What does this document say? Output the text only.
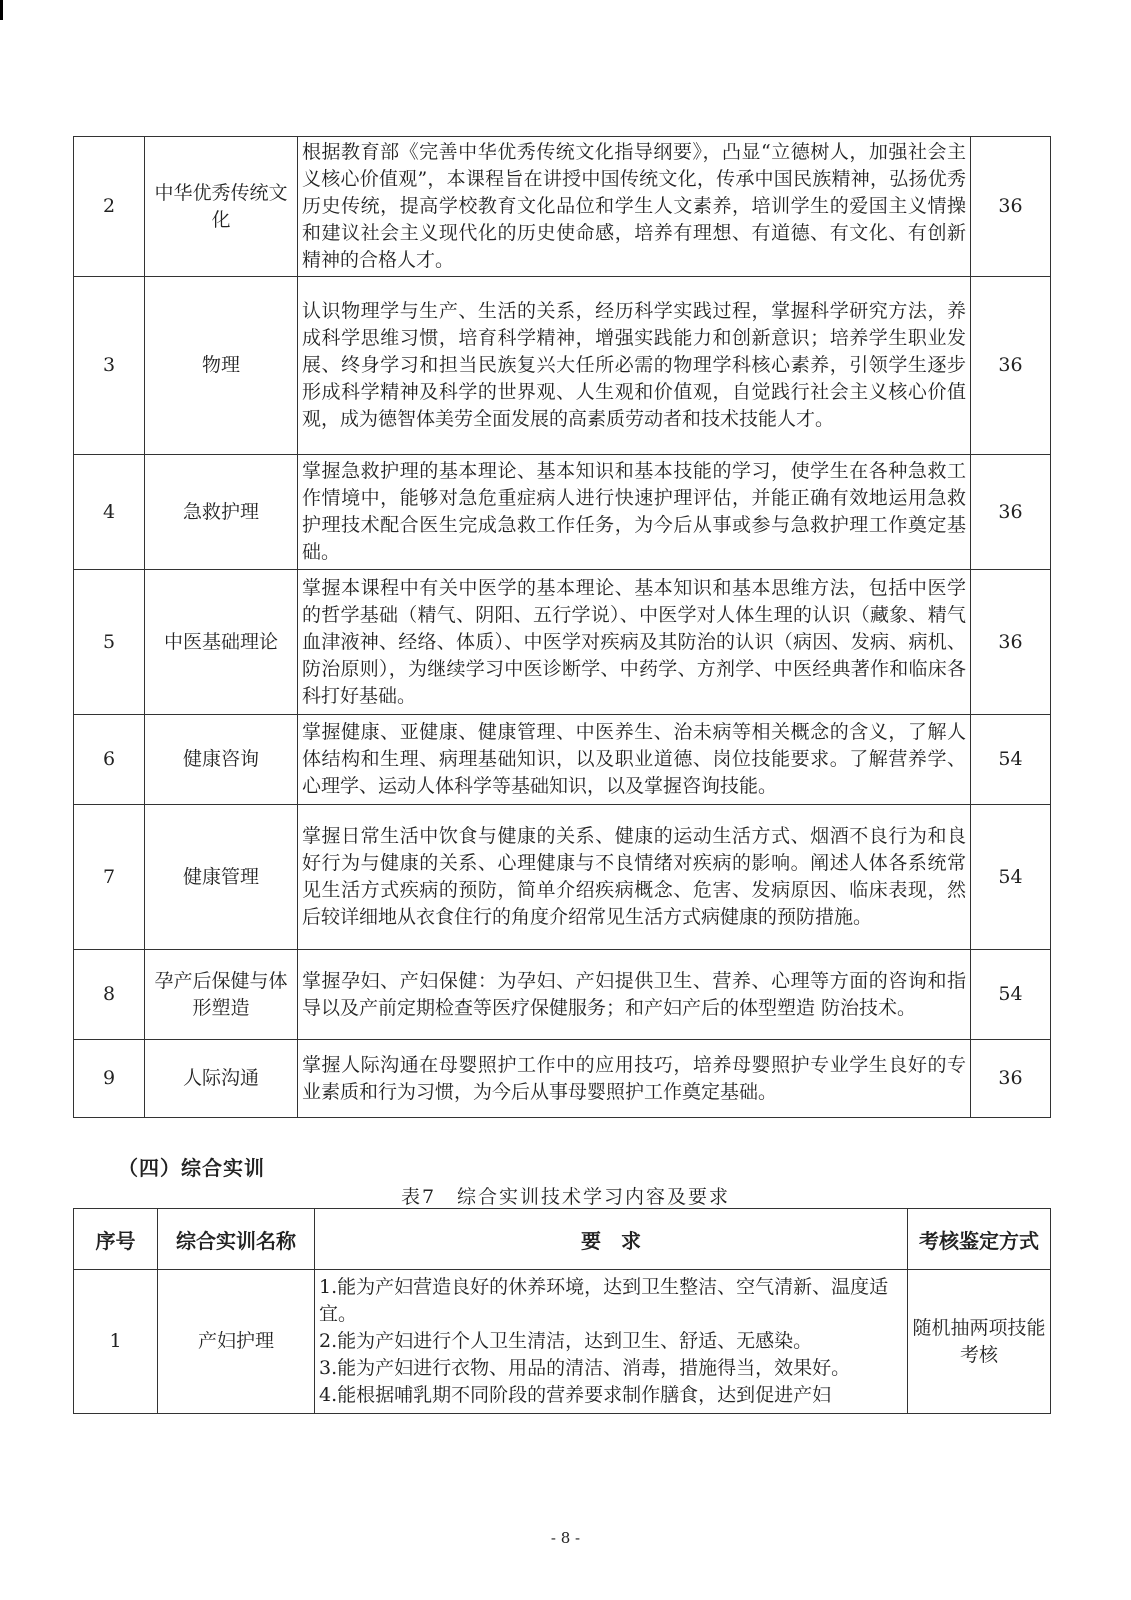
2	中华优秀传统文化	根据教育部《完善中华优秀传统文化指导纲要》，凸显“立德树人，加强社会主义核心价值观”，本课程旨在讲授中国传统文化，传承中国民族精神，弘扬优秀历史传统，提高学校教育文化品位和学生人文素养，培训学生的爱国主义情操和建议社会主义现代化的历史使命感，培养有理想、有道德、有文化、有创新精神的合格人才。	36
3	物理	认识物理学与生产、生活的关系，经历科学实践过程，掌握科学研究方法，养成科学思维习惯，培育科学精神，增强实践能力和创新意识；培养学生职业发展、终身学习和担当民族复兴大任所必需的物理学科核心素养，引领学生逐步形成科学精神及科学的世界观、人生观和价值观，自觉践行社会主义核心价值观，成为德智体美劳全面发展的高素质劳动者和技术技能人才。	36
4	急救护理	掌握急救护理的基本理论、基本知识和基本技能的学习，使学生在各种急救工作情境中，能够对急危重症病人进行快速护理评估，并能正确有效地运用急救护理技术配合医生完成急救工作任务，为今后从事或参与急救护理工作奠定基础。	36
5	中医基础理论	掌握本课程中有关中医学的基本理论、基本知识和基本思维方法，包括中医学的哲学基础（精气、阴阳、五行学说）、中医学对人体生理的认识（藏象、精气血津液神、经络、体质）、中医学对疾病及其防治的认识（病因、发病、病机、防治原则），为继续学习中医诊断学、中药学、方剂学、中医经典著作和临床各科打好基础。	36
6	健康咨询	掌握健康、亚健康、健康管理、中医养生、治未病等相关概念的含义，了解人体结构和生理、病理基础知识，以及职业道德、岗位技能要求。了解营养学、心理学、运动人体科学等基础知识，以及掌握咨询技能。	54
7	健康管理	掌握日常生活中饮食与健康的关系、健康的运动生活方式、烟酒不良行为和良好行为与健康的关系、心理健康与不良情绪对疾病的影响。阐述人体各系统常见生活方式疾病的预防，简单介绍疾病概念、危害、发病原因、临床表现，然后较详细地从衣食住行的角度介绍常见生活方式病健康的预防措施。	54
8	孕产后保健与体形塑造	掌握孕妇、产妇保健：为孕妇、产妇提供卫生、营养、心理等方面的咨询和指导以及产前定期检查等医疗保健服务；和产妇产后的体型塑造 防治技术。	54
9	人际沟通	掌握人际沟通在母婴照护工作中的应用技巧，培养母婴照护专业学生良好的专业素质和行为习惯，为今后从事母婴照护工作奠定基础。	36

（四）综合实训

表7　综合实训技术学习内容及要求

序号	综合实训名称	要　求	考核鉴定方式
1	产妇护理	1.能为产妇营造良好的休养环境，达到卫生整洁、空气清新、温度适宜。
2.能为产妇进行个人卫生清洁，达到卫生、舒适、无感染。
3.能为产妇进行衣物、用品的清洁、消毒，措施得当，效果好。
4.能根据哺乳期不同阶段的营养要求制作膳食，达到促进产妇	随机抽两项技能考核

- 8 -
